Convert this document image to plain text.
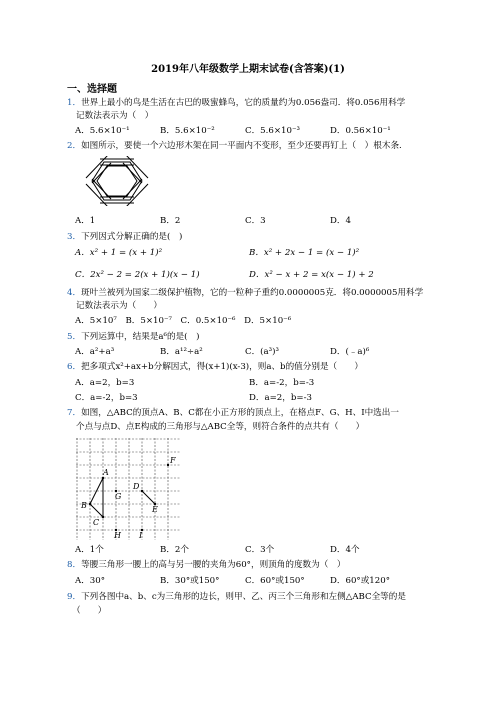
2019年八年级数学上期末试卷(含答案)(1)
一、选择题
1．世界上最小的鸟是生活在古巴的吸蜜蜂鸟，它的质量约为0.056盎司．将0.056用科学
记数法表示为（　）
A．5.6×10⁻¹	B．5.6×10⁻²	C．5.6×10⁻³	D．0.56×10⁻¹
2．如图所示，要使一个六边形木架在同一平面内不变形，至少还要再钉上（　）根木条.
A．1	B．2	C．3	D．4
3．下列因式分解正确的是(　)
A．x² + 1 = (x + 1)²	B．x² + 2x − 1 = (x − 1)²
C．2x² − 2 = 2(x + 1)(x − 1)	D．x² − x + 2 = x(x − 1) + 2
4．斑叶兰被列为国家二级保护植物，它的一粒种子重约0.0000005克．将0.0000005用科学
记数法表示为（　　）
A．5×10⁷　B．5×10⁻⁷　C．0.5×10⁻⁶　D．5×10⁻⁶
5．下列运算中，结果是a⁶的是(　)
A．a²+a³	B．a¹²÷a²	C．(a³)³	D．(﹣a)⁶
6．把多项式x²+ax+b分解因式，得(x+1)(x-3)，则a、b的值分别是（　　）
A．a=2，b=3	B．a=-2，b=-3
C．a=-2，b=3	D．a=2，b=-3
7．如图，△ABC的顶点A、B、C都在小正方形的顶点上，在格点F、G、H、I中选出一
个点与点D、点E构成的三角形与△ABC全等，则符合条件的点共有（　　）
A
B
C
D
E
F
G
H I
A．1个	B．2个	C．3个	D．4个
8．等腰三角形一腰上的高与另一腰的夹角为60°，则顶角的度数为（　）
A．30°	B．30°或150°	C．60°或150°	D．60°或120°
9．下列各图中a、b、c为三角形的边长，则甲、乙、丙三个三角形和左侧△ABC全等的是
（　　）
